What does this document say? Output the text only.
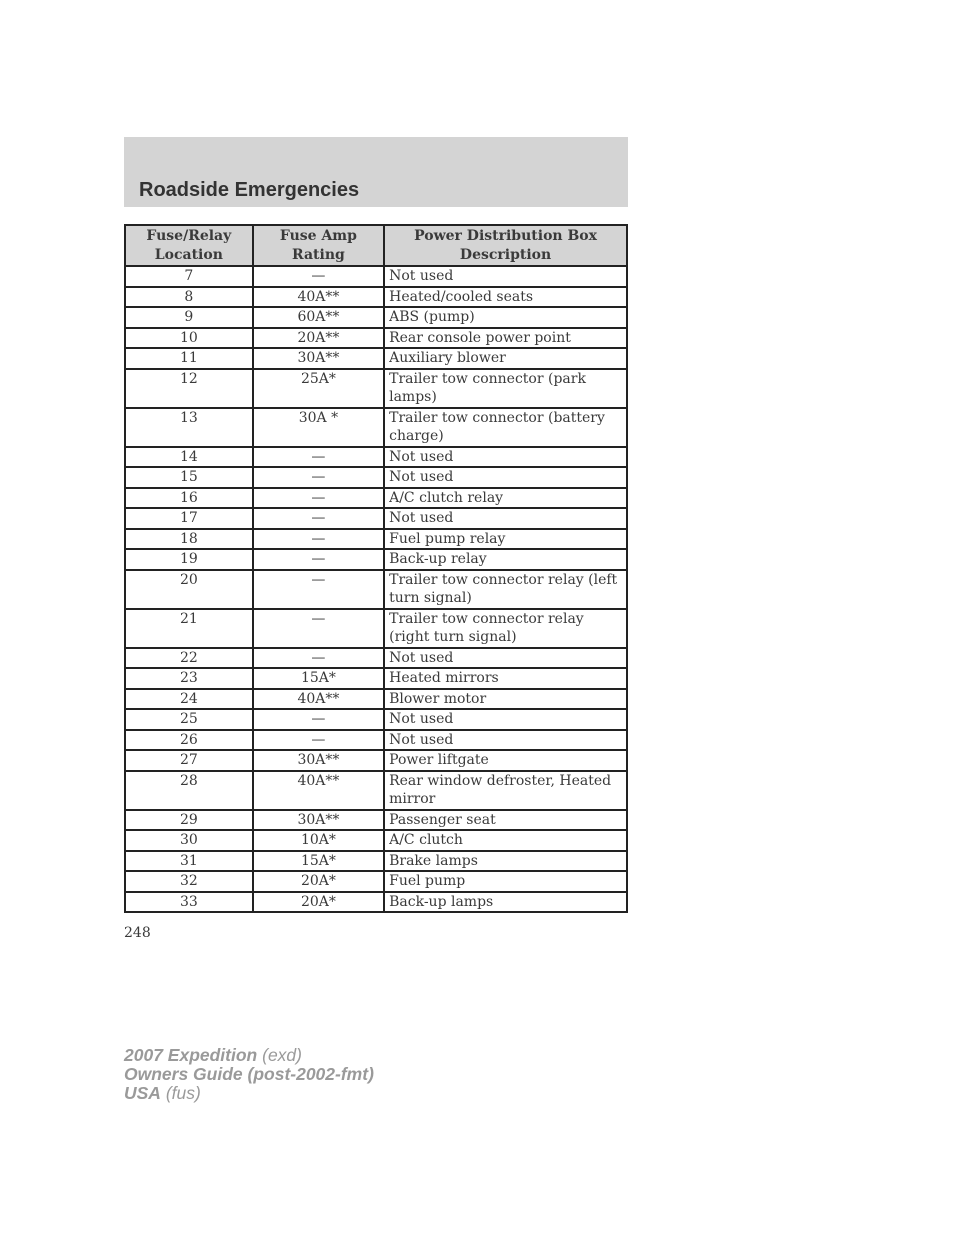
Roadside Emergencies
Fuse/Relay Location	Fuse Amp Rating	Power Distribution Box Description
7	—	Not used
8	40A**	Heated/cooled seats
9	60A**	ABS (pump)
10	20A**	Rear console power point
11	30A**	Auxiliary blower
12	25A*	Trailer tow connector (park lamps)
13	30A *	Trailer tow connector (battery charge)
14	—	Not used
15	—	Not used
16	—	A/C clutch relay
17	—	Not used
18	—	Fuel pump relay
19	—	Back-up relay
20	—	Trailer tow connector relay (left turn signal)
21	—	Trailer tow connector relay (right turn signal)
22	—	Not used
23	15A*	Heated mirrors
24	40A**	Blower motor
25	—	Not used
26	—	Not used
27	30A**	Power liftgate
28	40A**	Rear window defroster, Heated mirror
29	30A**	Passenger seat
30	10A*	A/C clutch
31	15A*	Brake lamps
32	20A*	Fuel pump
33	20A*	Back-up lamps
248
2007 Expedition (exd)
Owners Guide (post-2002-fmt)
USA (fus)
